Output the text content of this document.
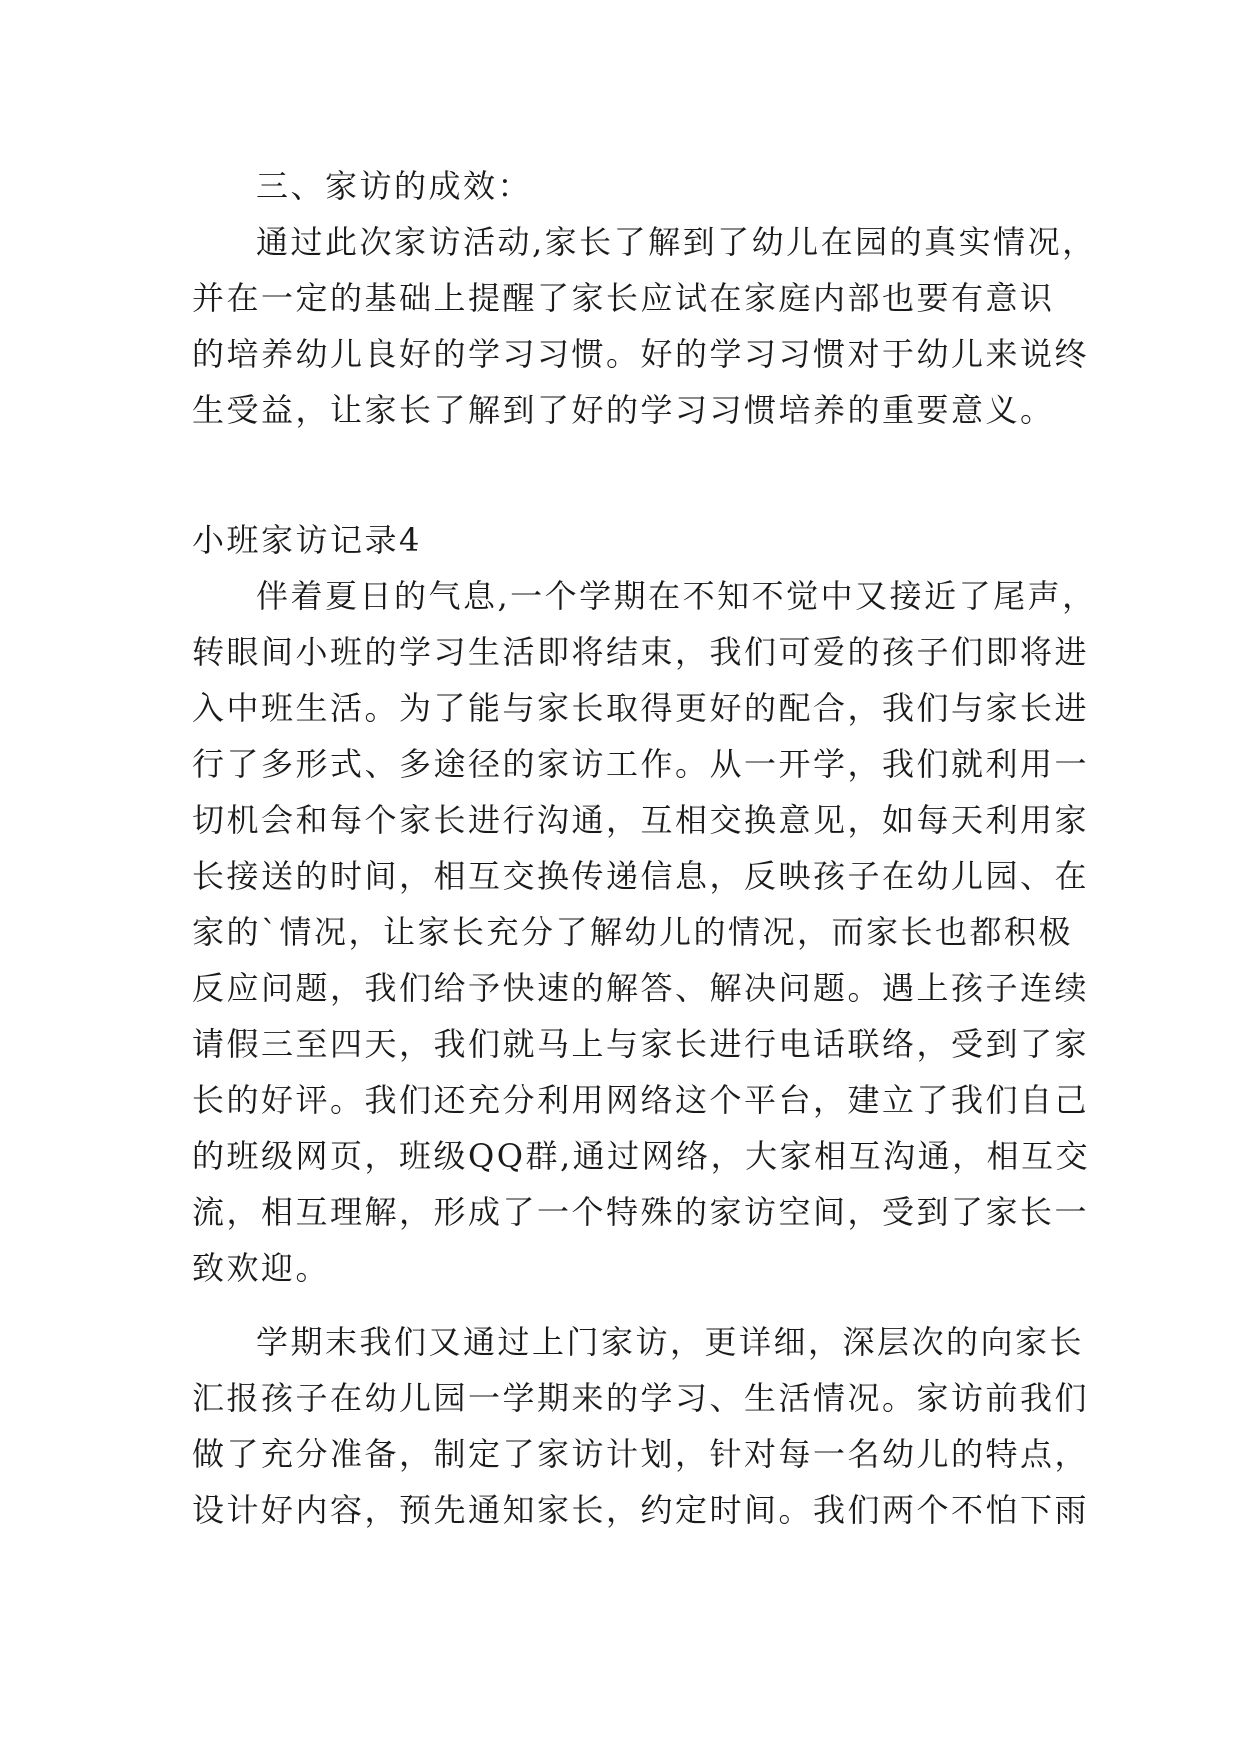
三、家访的成效：
通过此次家访活动,家长了解到了幼儿在园的真实情况，
并在一定的基础上提醒了家长应试在家庭内部也要有意识
的培养幼儿良好的学习习惯。好的学习习惯对于幼儿来说终
生受益，让家长了解到了好的学习习惯培养的重要意义。
小班家访记录4
伴着夏日的气息,一个学期在不知不觉中又接近了尾声，
转眼间小班的学习生活即将结束，我们可爱的孩子们即将进
入中班生活。为了能与家长取得更好的配合，我们与家长进
行了多形式、多途径的家访工作。从一开学，我们就利用一
切机会和每个家长进行沟通，互相交换意见，如每天利用家
长接送的时间，相互交换传递信息，反映孩子在幼儿园、在
家的`情况，让家长充分了解幼儿的情况，而家长也都积极
反应问题，我们给予快速的解答、解决问题。遇上孩子连续
请假三至四天，我们就马上与家长进行电话联络，受到了家
长的好评。我们还充分利用网络这个平台，建立了我们自己
的班级网页，班级QQ群,通过网络，大家相互沟通，相互交
流，相互理解，形成了一个特殊的家访空间，受到了家长一
致欢迎。
学期末我们又通过上门家访，更详细，深层次的向家长
汇报孩子在幼儿园一学期来的学习、生活情况。家访前我们
做了充分准备，制定了家访计划，针对每一名幼儿的特点，
设计好内容，预先通知家长，约定时间。我们两个不怕下雨
